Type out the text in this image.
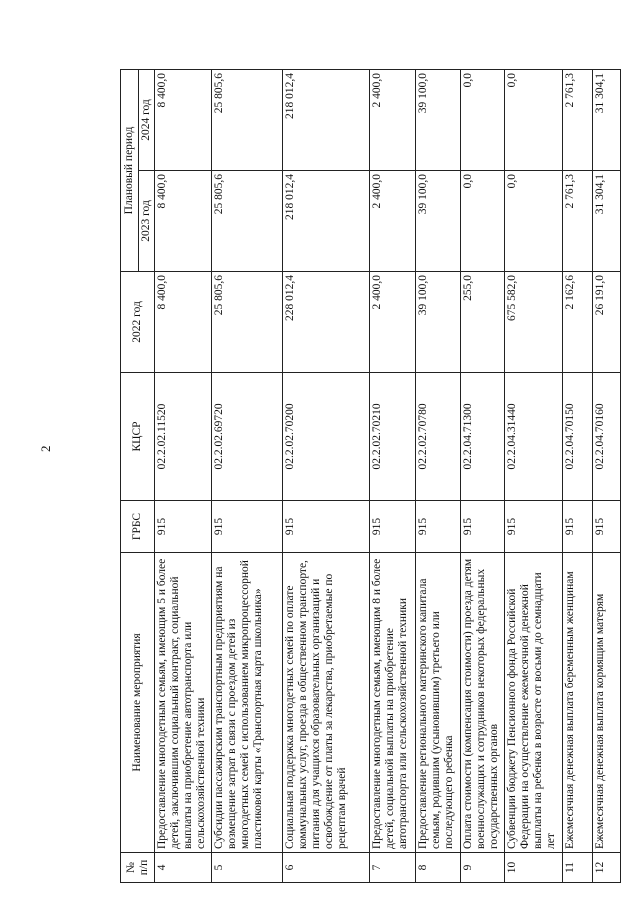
2
№ п/п	Наименование мероприятия	ГРБС	КЦСР	2022 год	Плановый период	
					2023 год	2024 год
4	Предоставление многодетным семьям, имеющим 5 и более детей, заключившим социальный контракт, социальной выплаты на приобретение автотранспорта или сельскохозяйственной техники	915	02.2.02.11520	8 400,0	8 400,0	8 400,0
5	Субсидии пассажирским транспортным предприятиям на возмещение затрат в связи с проездом детей из многодетных семей с использованием микропроцессорной пластиковой карты «Транспортная карта школьника»	915	02.2.02.69720	25 805,6	25 805,6	25 805,6
6	Социальная поддержка многодетных семей по оплате коммунальных услуг, проезда в общественном транспорте, питания для учащихся образовательных организаций и освобождение от платы за лекарства, приобретаемые по рецептам врачей	915	02.2.02.70200	228 012,4	218 012,4	218 012,4
7	Предоставление многодетным семьям, имеющим 8 и более детей, социальной выплаты на приобретение автотранспорта или сельскохозяйственной техники	915	02.2.02.70210	2 400,0	2 400,0	2 400,0
8	Предоставление регионального материнского капитала семьям, родившим (усыновившим) третьего или последующего ребенка	915	02.2.02.70780	39 100,0	39 100,0	39 100,0
9	Оплата стоимости (компенсация стоимости) проезда детям военнослужащих и сотрудников некоторых федеральных государственных органов	915	02.2.04.71300	255,0	0,0	0,0
10	Субвенции бюджету Пенсионного фонда Российской Федерации на осуществление ежемесячной денежной выплаты на ребенка в возрасте от восьми до семнадцати лет	915	02.2.04.31440	675 582,0	0,0	0,0
11	Ежемесячная денежная выплата беременным женщинам	915	02.2.04.70150	2 162,6	2 761,3	2 761,3
12	Ежемесячная денежная выплата кормящим матерям	915	02.2.04.70160	26 191,0	31 304,1	31 304,1
